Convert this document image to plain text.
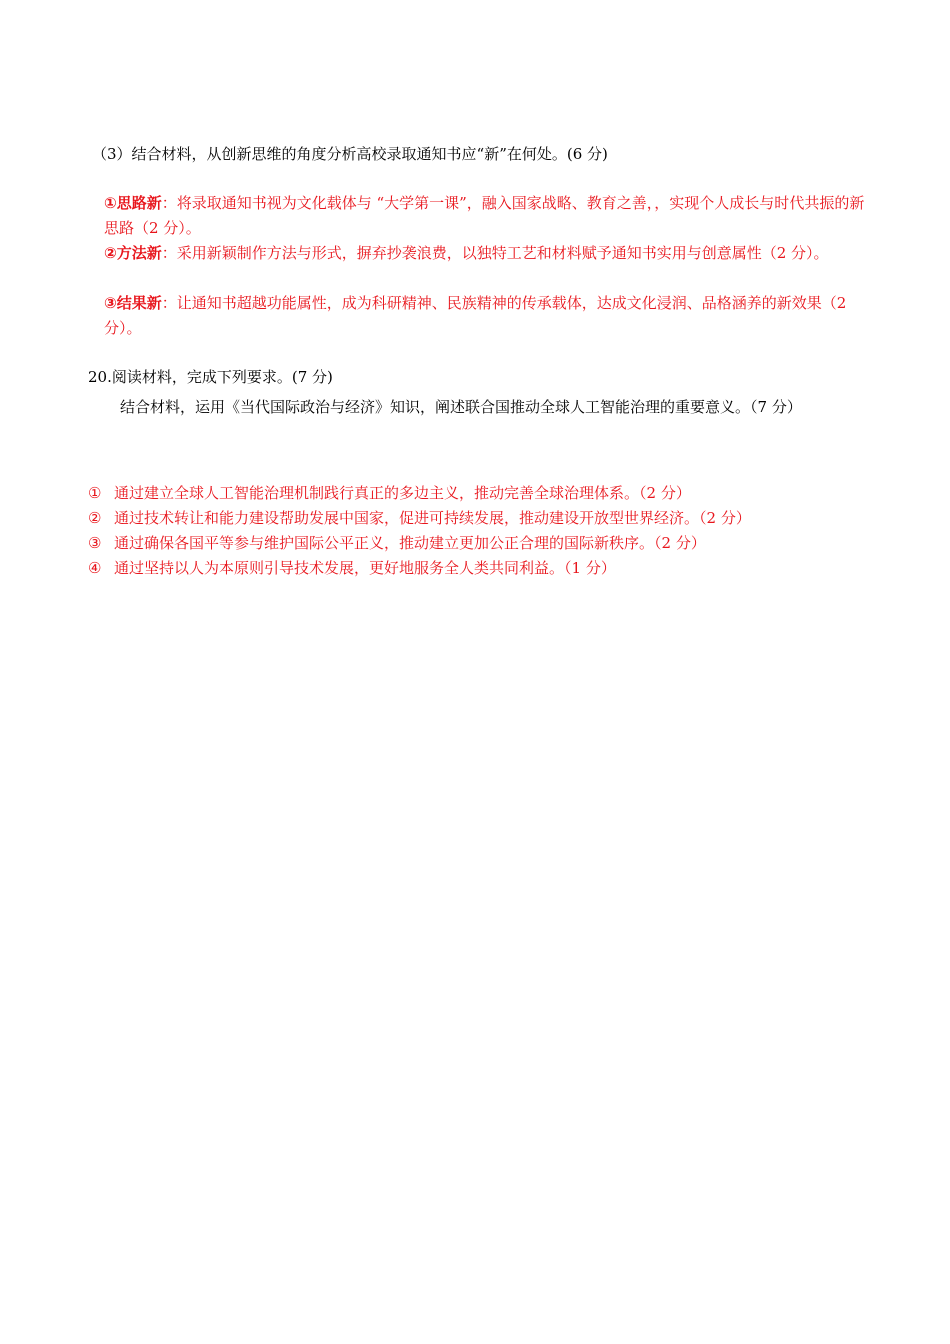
（3）结合材料，从创新思维的角度分析高校录取通知书应“新”在何处。(6 分)
①思路新：将录取通知书视为文化载体与 “大学第一课”，融入国家战略、教育之善，，实现个人成长与时代共振的新思路（2 分）。
②方法新：采用新颖制作方法与形式，摒弃抄袭浪费，以独特工艺和材料赋予通知书实用与创意属性（2 分）。
③结果新：让通知书超越功能属性，成为科研精神、民族精神的传承载体，达成文化浸润、品格涵养的新效果（2 分）。
20.阅读材料，完成下列要求。(7 分)
结合材料，运用《当代国际政治与经济》知识，阐述联合国推动全球人工智能治理的重要意义。（7 分）
① 通过建立全球人工智能治理机制践行真正的多边主义，推动完善全球治理体系。（2 分）
② 通过技术转让和能力建设帮助发展中国家，促进可持续发展，推动建设开放型世界经济。（2 分）
③ 通过确保各国平等参与维护国际公平正义，推动建立更加公正合理的国际新秩序。（2 分）
④ 通过坚持以人为本原则引导技术发展，更好地服务全人类共同利益。（1 分）
